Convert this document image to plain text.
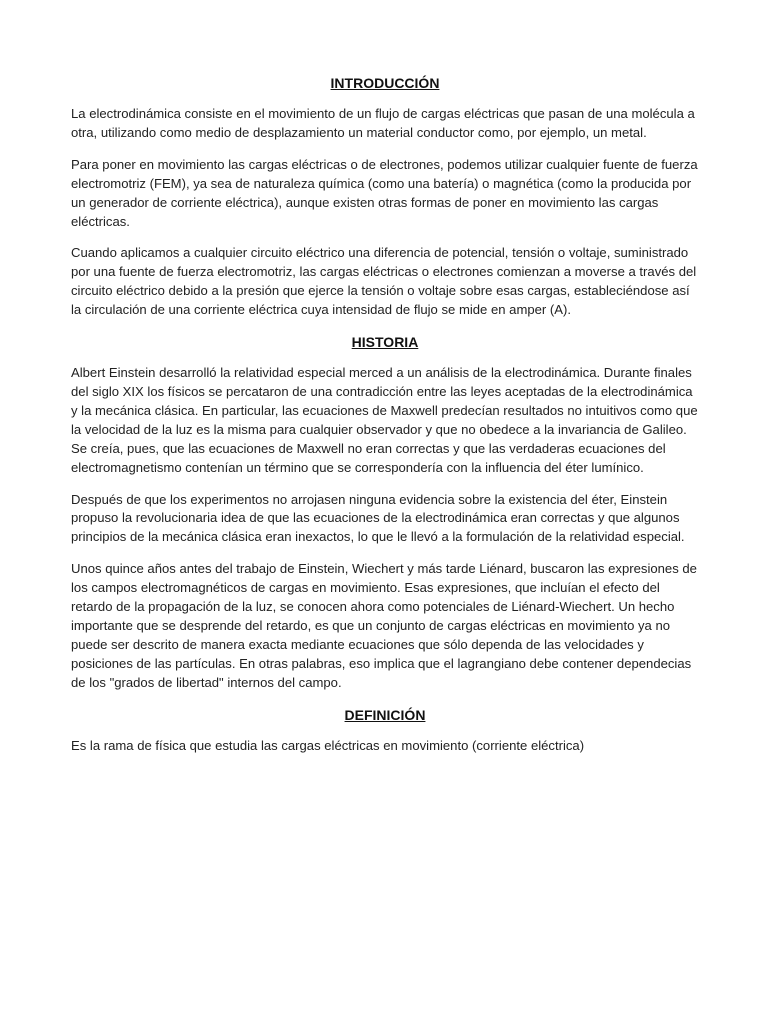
INTRODUCCIÓN

La electrodinámica consiste en el movimiento de un flujo de cargas eléctricas que pasan de una molécula a otra, utilizando como medio de desplazamiento un material conductor como, por ejemplo, un metal.

Para poner en movimiento las cargas eléctricas o de electrones, podemos utilizar cualquier fuente de fuerza electromotriz (FEM), ya sea de naturaleza química (como una batería) o magnética (como la producida por un generador de corriente eléctrica), aunque existen otras formas de poner en movimiento las cargas eléctricas.

Cuando aplicamos a cualquier circuito eléctrico una diferencia de potencial, tensión o voltaje, suministrado por una fuente de fuerza electromotriz, las cargas eléctricas o electrones comienzan a moverse a través del circuito eléctrico debido a la presión que ejerce la tensión o voltaje sobre esas cargas, estableciéndose así la circulación de una corriente eléctrica cuya intensidad de flujo se mide en amper (A).

HISTORIA

Albert Einstein desarrolló la relatividad especial merced a un análisis de la electrodinámica. Durante finales del siglo XIX los físicos se percataron de una contradicción entre las leyes aceptadas de la electrodinámica y la mecánica clásica. En particular, las ecuaciones de Maxwell predecían resultados no intuitivos como que la velocidad de la luz es la misma para cualquier observador y que no obedece a la invariancia de Galileo. Se creía, pues, que las ecuaciones de Maxwell no eran correctas y que las verdaderas ecuaciones del electromagnetismo contenían un término que se correspondería con la influencia del éter lumínico.

Después de que los experimentos no arrojasen ninguna evidencia sobre la existencia del éter, Einstein propuso la revolucionaria idea de que las ecuaciones de la electrodinámica eran correctas y que algunos principios de la mecánica clásica eran inexactos, lo que le llevó a la formulación de la relatividad especial.

Unos quince años antes del trabajo de Einstein, Wiechert y más tarde Liénard, buscaron las expresiones de los campos electromagnéticos de cargas en movimiento. Esas expresiones, que incluían el efecto del retardo de la propagación de la luz, se conocen ahora como potenciales de Liénard-Wiechert. Un hecho importante que se desprende del retardo, es que un conjunto de cargas eléctricas en movimiento ya no puede ser descrito de manera exacta mediante ecuaciones que sólo dependa de las velocidades y posiciones de las partículas. En otras palabras, eso implica que el lagrangiano debe contener dependecias de los "grados de libertad" internos del campo.

DEFINICIÓN

Es la rama de física que estudia las cargas eléctricas en movimiento (corriente eléctrica)
